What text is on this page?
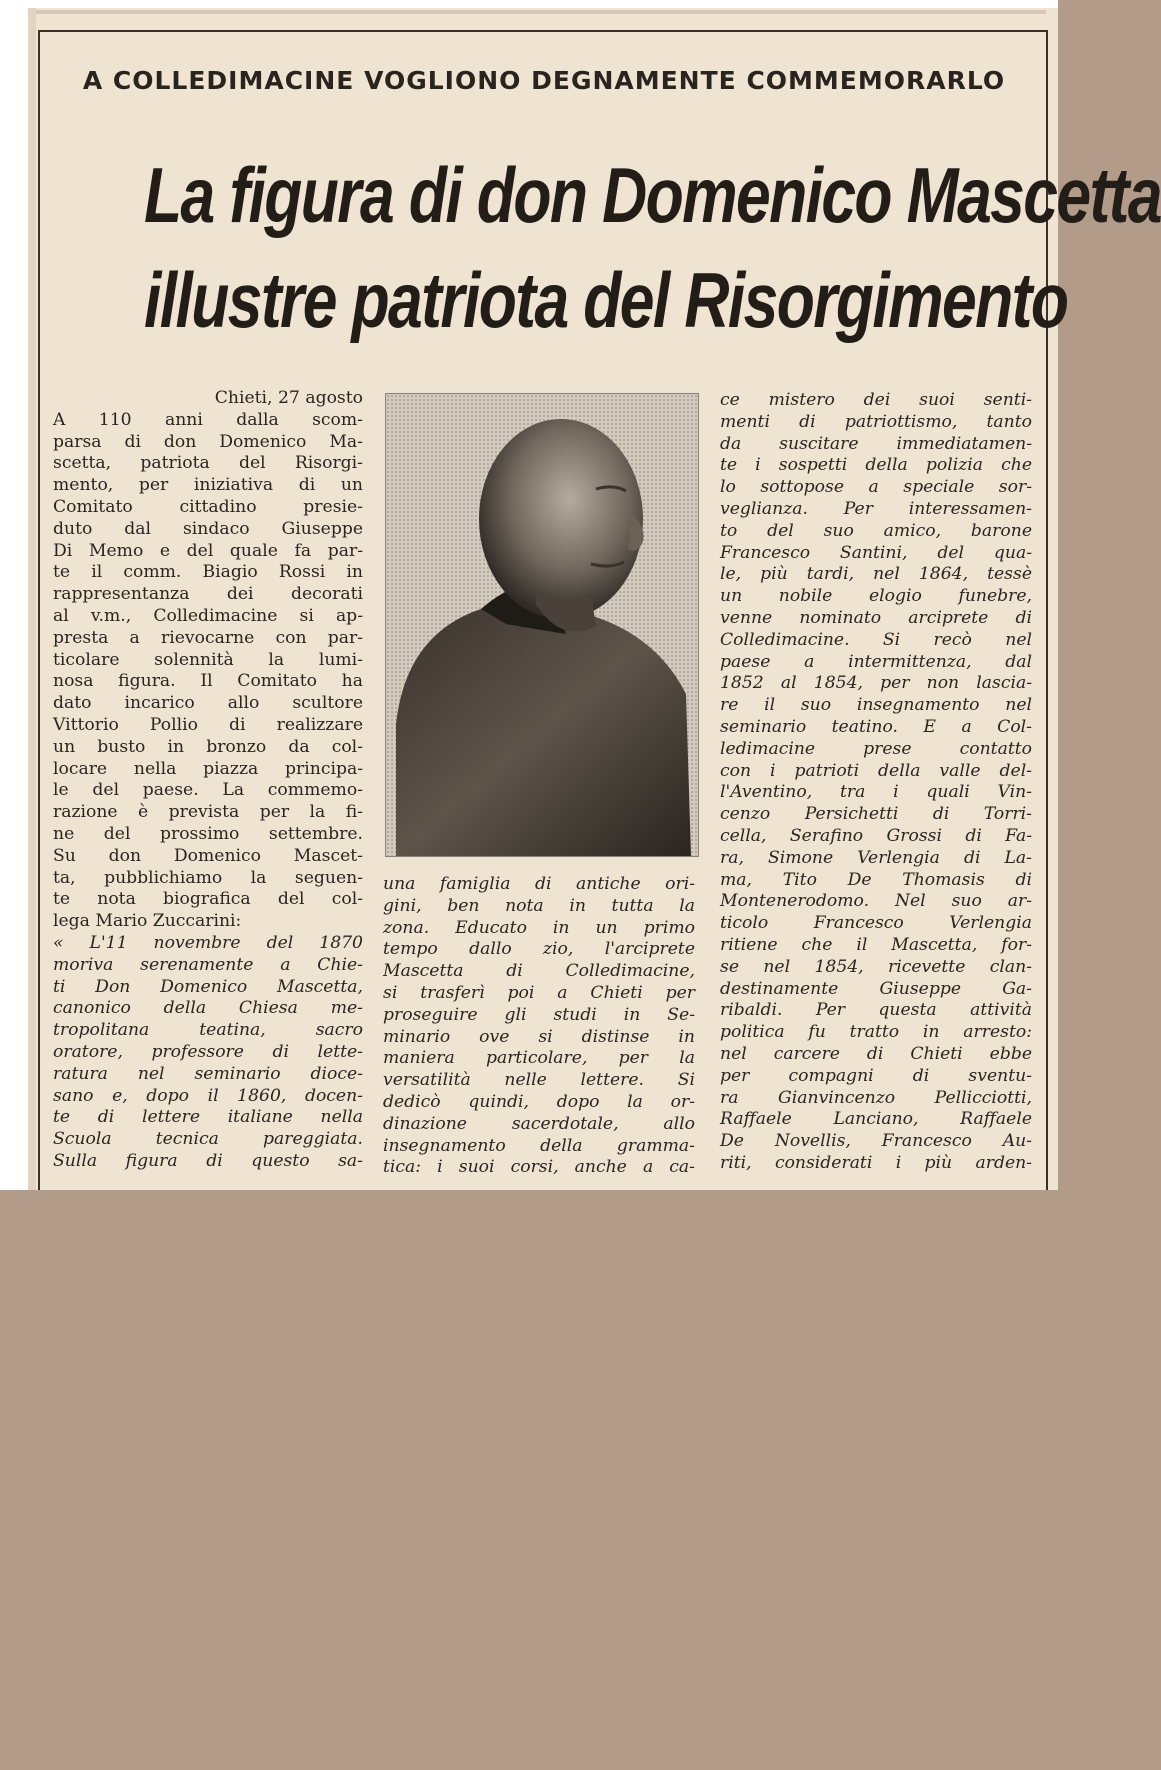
A COLLEDIMACINE VOGLIONO DEGNAMENTE COMMEMORARLO
La figura di don Domenico Mascetta
illustre patriota del Risorgimento
Chieti, 27 agosto
A 110 anni dalla scom-
parsa di don Domenico Ma-
scetta, patriota del Risorgi-
mento, per iniziativa di un
Comitato cittadino presie-
duto dal sindaco Giuseppe
Di Memo e del quale fa par-
te il comm. Biagio Rossi in
rappresentanza dei decorati
al v.m., Colledimacine si ap-
presta a rievocarne con par-
ticolare solennità la lumi-
nosa figura. Il Comitato ha
dato incarico allo scultore
Vittorio Pollio di realizzare
un busto in bronzo da col-
locare nella piazza principa-
le del paese. La commemo-
razione è prevista per la fi-
ne del prossimo settembre.
Su don Domenico Mascet-
ta, pubblichiamo la seguen-
te nota biografica del col-
lega Mario Zuccarini:
« L'11 novembre del 1870
moriva serenamente a Chie-
ti Don Domenico Mascetta,
canonico della Chiesa me-
tropolitana teatina, sacro
oratore, professore di lette-
ratura nel seminario dioce-
sano e, dopo il 1860, docen-
te di lettere italiane nella
Scuola tecnica pareggiata.
Sulla figura di questo sa-
una famiglia di antiche ori-
gini, ben nota in tutta la
zona. Educato in un primo
tempo dallo zio, l'arciprete
Mascetta di Colledimacine,
si trasferì poi a Chieti per
proseguire gli studi in Se-
minario ove si distinse in
maniera particolare, per la
versatilità nelle lettere. Si
dedicò quindi, dopo la or-
dinazione sacerdotale, allo
insegnamento della gramma-
tica: i suoi corsi, anche a ca-
ce mistero dei suoi senti-
menti di patriottismo, tanto
da suscitare immediatamen-
te i sospetti della polizia che
lo sottopose a speciale sor-
veglianza. Per interessamen-
to del suo amico, barone
Francesco Santini, del qua-
le, più tardi, nel 1864, tessè
un nobile elogio funebre,
venne nominato arciprete di
Colledimacine. Si recò nel
paese a intermittenza, dal
1852 al 1854, per non lascia-
re il suo insegnamento nel
seminario teatino. E a Col-
ledimacine prese contatto
con i patrioti della valle del-
l'Aventino, tra i quali Vin-
cenzo Persichetti di Torri-
cella, Serafino Grossi di Fa-
ra, Simone Verlengia di La-
ma, Tito De Thomasis di
Montenerodomo. Nel suo ar-
ticolo Francesco Verlengia
ritiene che il Mascetta, for-
se nel 1854, ricevette clan-
destinamente Giuseppe Ga-
ribaldi. Per questa attività
politica fu tratto in arresto:
nel carcere di Chieti ebbe
per compagni di sventu-
ra Gianvincenzo Pellicciotti,
Raffaele Lanciano, Raffaele
De Novellis, Francesco Au-
riti, considerati i più arden-
